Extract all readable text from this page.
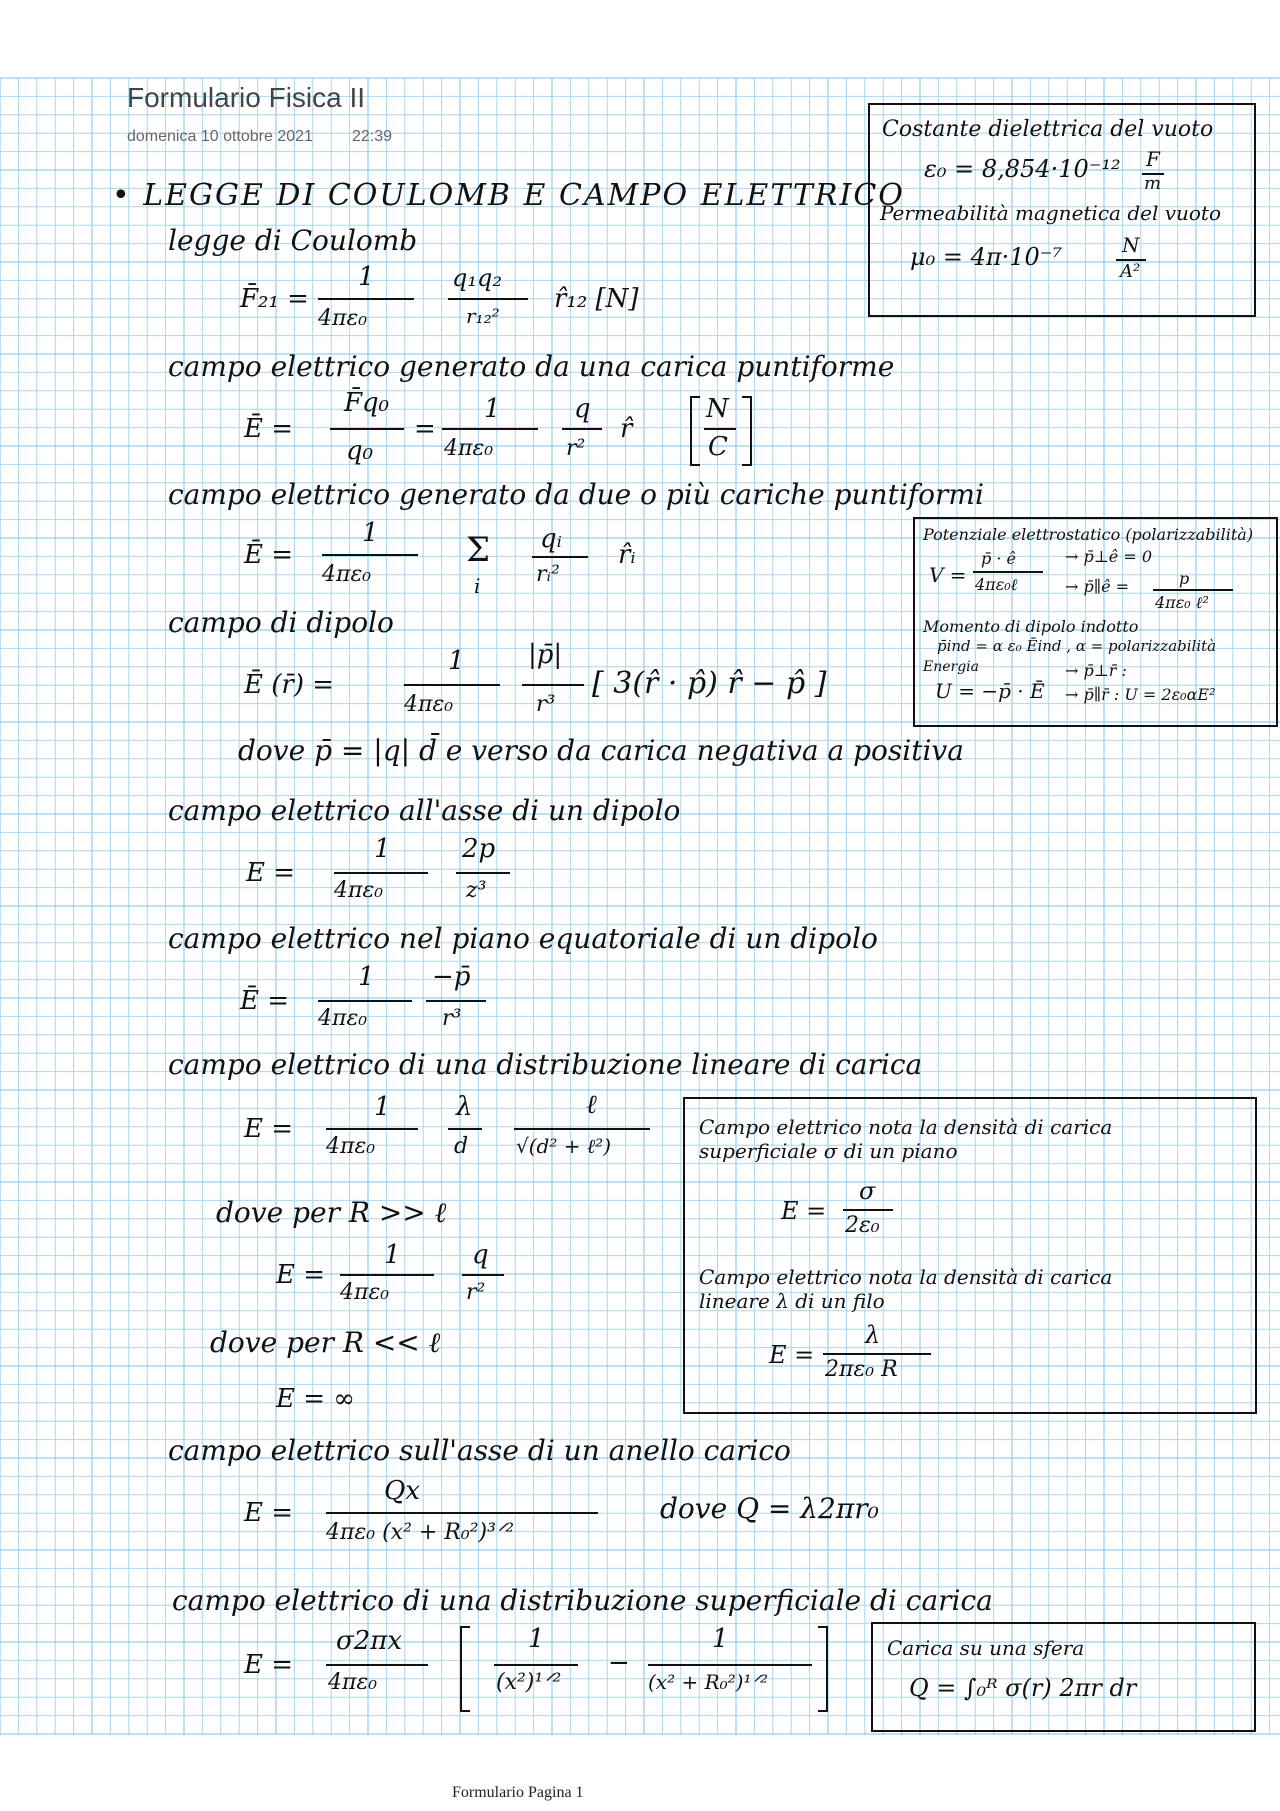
Formulario Fisica II
domenica 10 ottobre 2021 22:39
• LEGGE DI COULOMB E CAMPO ELETTRICO
legge di Coulomb
F̄₂₁ =
1
4πε₀
q₁q₂
r₁₂²
r̂₁₂ [N]
campo elettrico generato da una carica puntiforme
Ē =
F̄q₀
q₀
=
1
4πε₀
q
r²
r̂
N
C
campo elettrico generato da due o più cariche puntiformi
Ē =
1
4πε₀
Σ
i
qᵢ
rᵢ²
r̂ᵢ
campo di dipolo
Ē (r̄) =
1
4πε₀
|p̄|
r³
[ 3(r̂ · p̂) r̂ − p̂ ]
dove p̄ = |q| d̄ e verso da carica negativa a positiva
campo elettrico all'asse di un dipolo
E =
1
4πε₀
2p
z³
campo elettrico nel piano equatoriale di un dipolo
Ē =
1
4πε₀
−p̄
r³
campo elettrico di una distribuzione lineare di carica
E =
1
4πε₀
λ
d
ℓ
√(d² + ℓ²)
dove per R >> ℓ
E =
1
4πε₀
q
r²
dove per R << ℓ
E = ∞
campo elettrico sull'asse di un anello carico
E =
Qx
4πε₀ (x² + R₀²)³ᐟ²
dove Q = λ2πr₀
campo elettrico di una distribuzione superficiale di carica
E =
σ2πx
4πε₀
1
(x²)¹ᐟ²
−
1
(x² + R₀²)¹ᐟ²
Costante dielettrica del vuoto
ε₀ = 8,854·10⁻¹² F
m
Permeabilità magnetica del vuoto
μ₀ = 4π·10⁻⁷	N
A²
Potenziale elettrostatico (polarizzabilità)
V =
p̄ · ê
4πε₀ℓ
→ p̄⊥ê = 0
→ p̄∥ê =	p
4πε₀ ℓ²
Momento di dipolo indotto
p̄ind = α ε₀ Ēind , α = polarizzabilità
Energia
U = −p̄ · Ē
→ p̄⊥r̄ :
→ p̄∥r̄ : U = 2ε₀αE²
Campo elettrico nota la densità di carica
superficiale σ di un piano
E =
σ
2ε₀
Campo elettrico nota la densità di carica
lineare λ di un filo
E =
λ
2πε₀ R
Carica su una sfera
Q = ∫₀ᴿ σ(r) 2πr dr
Formulario Pagina 1
